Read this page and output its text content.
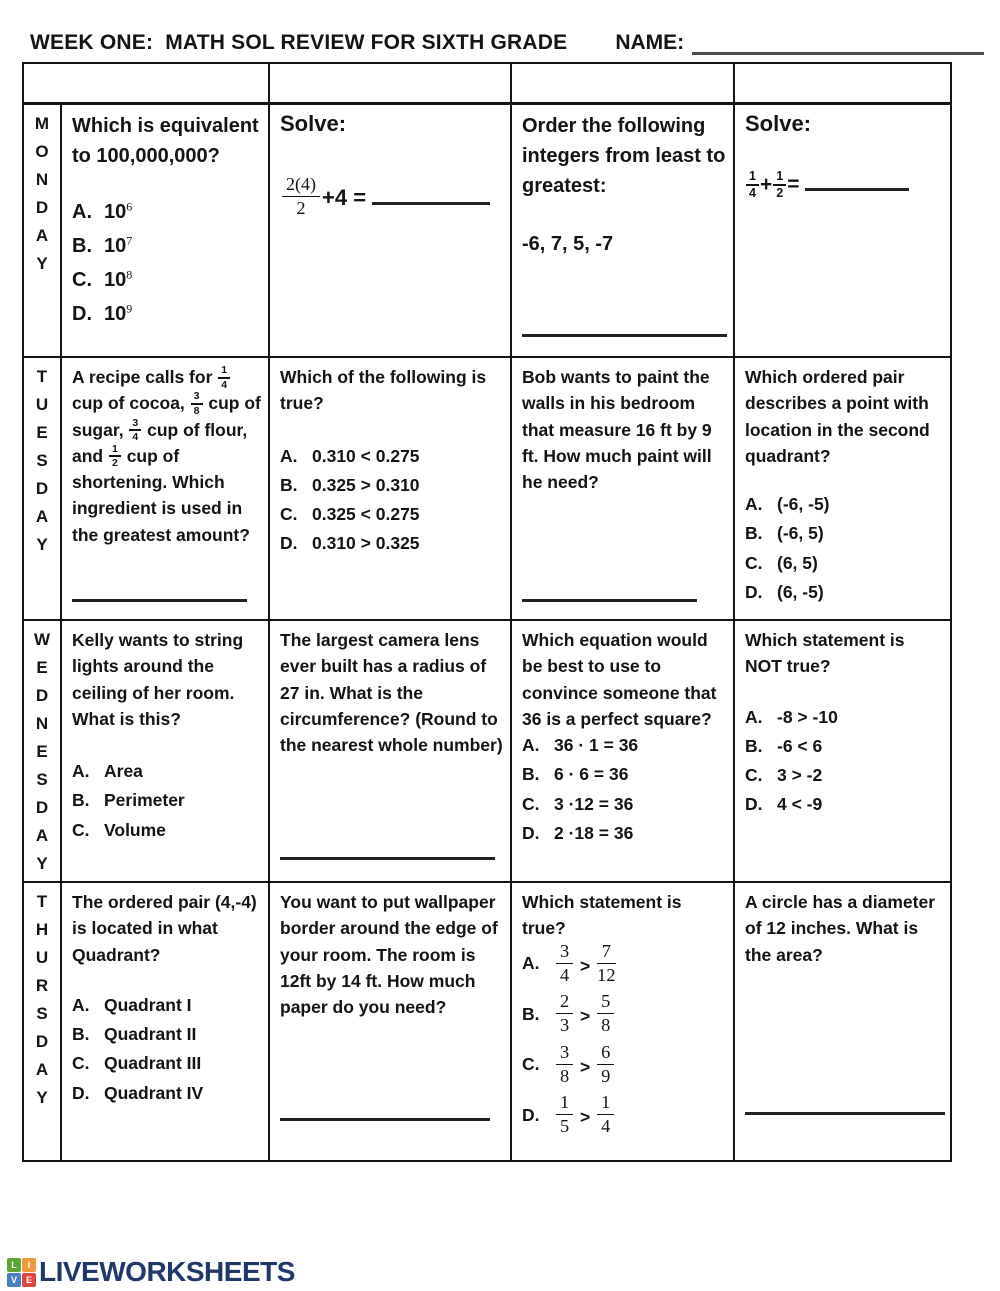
WEEK ONE:  MATH SOL REVIEW FOR SIXTH GRADE NAME:
M
O
N
D
A
Y
Which is equivalent to 100,000,000?
A. $10^6$
B. $10^7$
C. $10^8$
D. $10^9$
Solve:
$\frac{2(4)}{2} +4$ =
Order the following integers from least to greatest:
-6, 7, 5, -7
Solve:
$\frac{1}{4} + \frac{1}{2}$ =
T
U
E
S
D
A
Y
A recipe calls for $\frac{1}{4}$
cup of cocoa, $\frac{3}{8}$ cup of sugar, $\frac{3}{4}$ cup of flour, and $\frac{1}{2}$ cup of shortening. Which ingredient is used in the greatest amount?
Which of the following is true?
A. 0.310 < 0.275
B. 0.325 > 0.310
C. 0.325 < 0.275
D. 0.310 > 0.325
Bob wants to paint the walls in his bedroom that measure 16 ft by 9 ft. How much paint will he need?
Which ordered pair describes a point with location in the second quadrant?
A. (-6, -5)
B. (-6, 5)
C. (6, 5)
D. (6, -5)
W
E
D
N
E
S
D
A
Y
Kelly wants to string lights around the ceiling of her room. What is this?
A. Area
B. Perimeter
C. Volume
The largest camera lens ever built has a radius of 27 in. What is the circumference? (Round to the nearest whole number)
Which equation would be best to use to convince someone that 36 is a perfect square?
A. 36 · 1 = 36
B. 6 · 6 = 36
C. 3 ·12 = 36
D. 2 ·18 = 36
Which statement is NOT true?
A. -8 > -10
B. -6 < 6
C. 3 > -2
D. 4 < -9
T
H
U
R
S
D
A
Y
The ordered pair (4,-4) is located in what Quadrant?
A. Quadrant I
B. Quadrant II
C. Quadrant III
D. Quadrant IV
You want to put wallpaper border around the edge of your room. The room is 12ft by 14 ft. How much paper do you need?
Which statement is true?
A. $\frac{3}{4} > \frac{7}{12}$
B. $\frac{2}{3} > \frac{5}{8}$
C. $\frac{3}{8} > \frac{6}{9}$
D. $\frac{1}{5} > \frac{1}{4}$
A circle has a diameter of 12 inches. What is the area?
L	I
V E LIVEWORKSHEETS
